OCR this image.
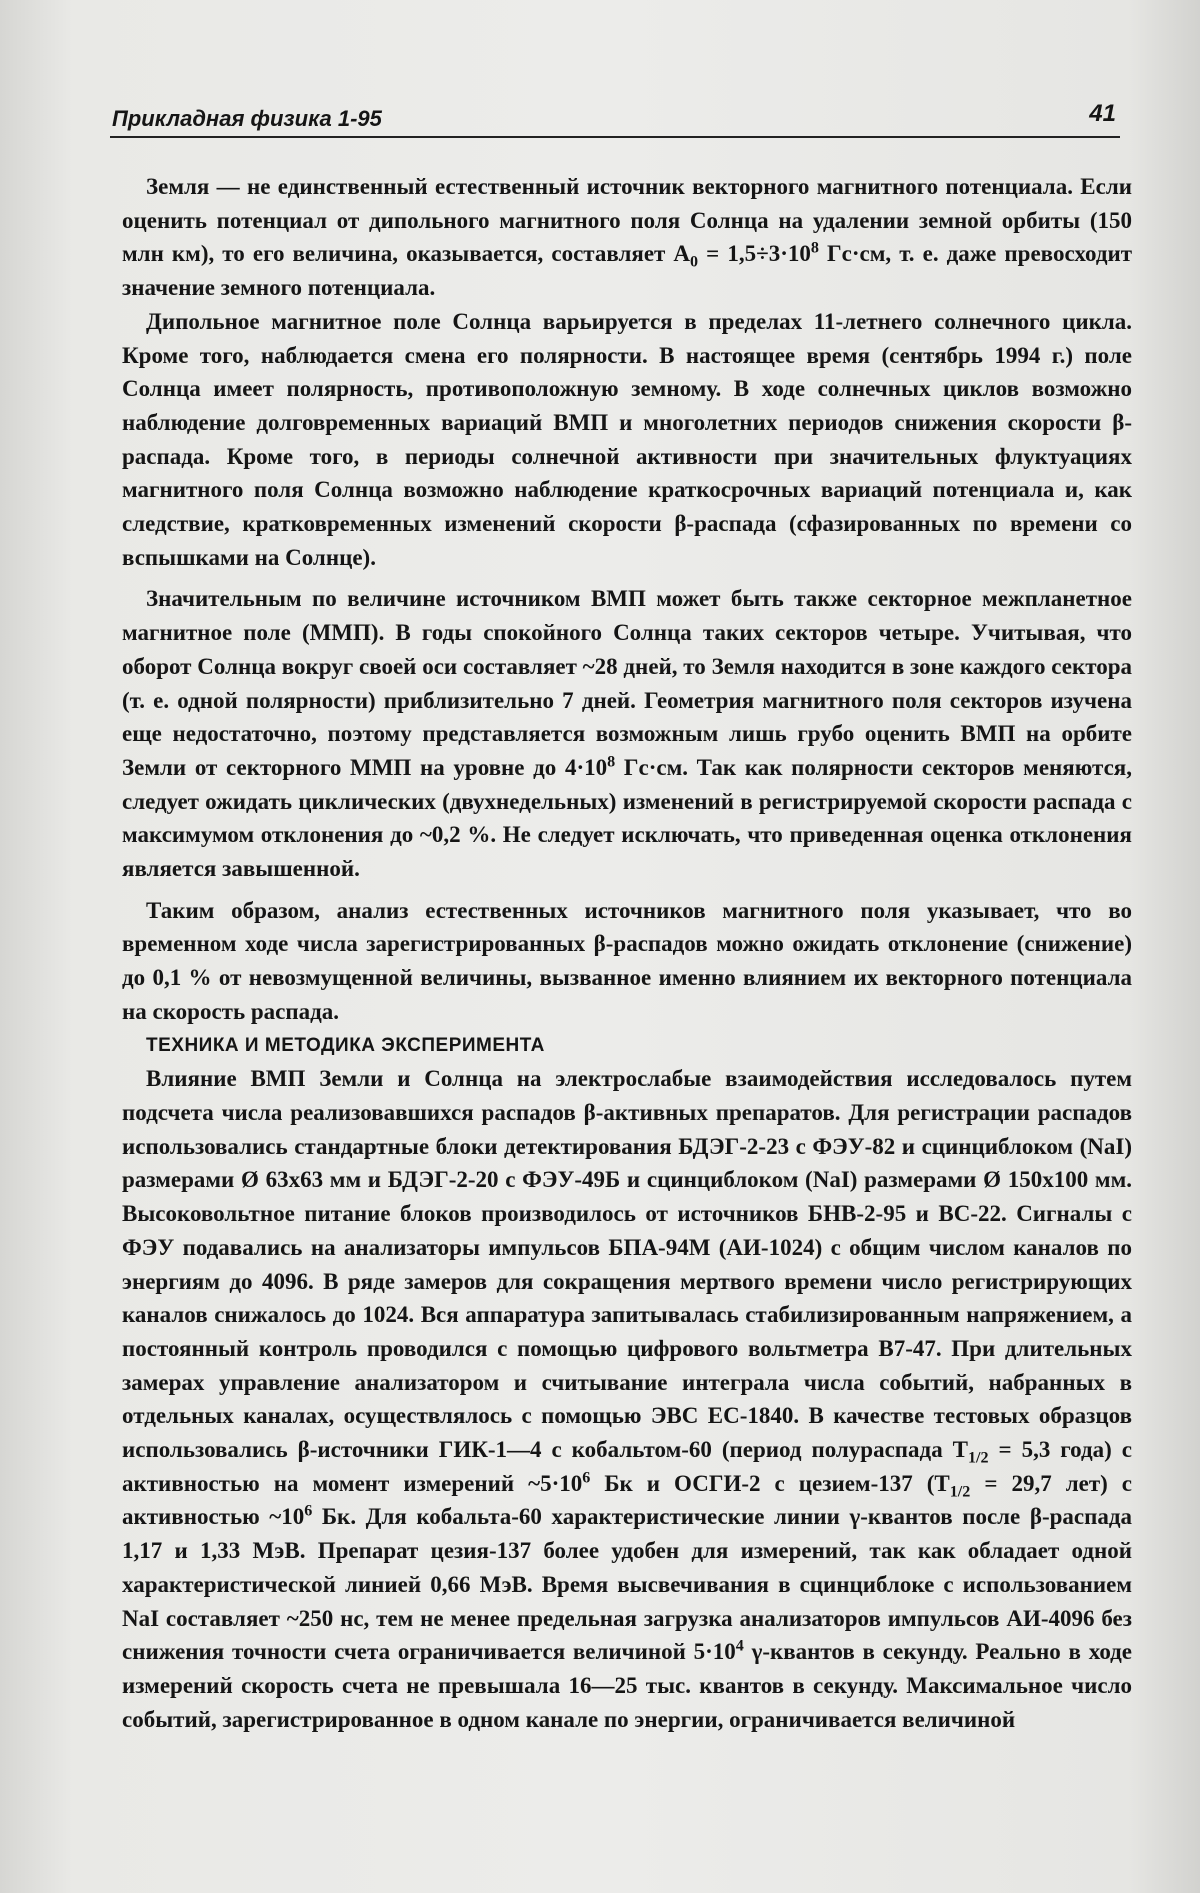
Прикладная физика 1-95	41

Земля — не единственный естественный источник векторного магнитного потенциала. Если оценить потенциал от дипольного магнитного поля Солнца на удалении земной орбиты (150 млн км), то его величина, оказывается, составляет $A_0 = 1,5\div 3\cdot 10^8$ Гс·см, т. е. даже превосходит значение земного потенциала.

Дипольное магнитное поле Солнца варьируется в пределах 11-летнего солнечного цикла. Кроме того, наблюдается смена его полярности. В настоящее время (сентябрь 1994 г.) поле Солнца имеет полярность, противоположную земному. В ходе солнечных циклов возможно наблюдение долговременных вариаций ВМП и многолетних периодов снижения скорости β-распада. Кроме того, в периоды солнечной активности при значительных флуктуациях магнитного поля Солнца возможно наблюдение краткосрочных вариаций потенциала и, как следствие, кратковременных изменений скорости β-распада (сфазированных по времени со вспышками на Солнце).

Значительным по величине источником ВМП может быть также секторное межпланетное магнитное поле (ММП). В годы спокойного Солнца таких секторов четыре. Учитывая, что оборот Солнца вокруг своей оси составляет ~28 дней, то Земля находится в зоне каждого сектора (т. е. одной полярности) приблизительно 7 дней. Геометрия магнитного поля секторов изучена еще недостаточно, поэтому представляется возможным лишь грубо оценить ВМП на орбите Земли от секторного ММП на уровне до $4\cdot 10^8$ Гс·см. Так как полярности секторов меняются, следует ожидать циклических (двухнедельных) изменений в регистрируемой скорости распада с максимумом отклонения до ~0,2 %. Не следует исключать, что приведенная оценка отклонения является завышенной.

Таким образом, анализ естественных источников магнитного поля указывает, что во временном ходе числа зарегистрированных β-распадов можно ожидать отклонение (снижение) до 0,1 % от невозмущенной величины, вызванное именно влиянием их векторного потенциала на скорость распада.

ТЕХНИКА И МЕТОДИКА ЭКСПЕРИМЕНТА

Влияние ВМП Земли и Солнца на электрослабые взаимодействия исследовалось путем подсчета числа реализовавшихся распадов β-активных препаратов. Для регистрации распадов использовались стандартные блоки детектирования БДЭГ-2-23 с ФЭУ-82 и сцинциблоком (NaI) размерами Ø 63х63 мм и БДЭГ-2-20 с ФЭУ-49Б и сцинциблоком (NaI) размерами Ø 150х100 мм. Высоковольтное питание блоков производилось от источников БНВ-2-95 и ВС-22. Сигналы с ФЭУ подавались на анализаторы импульсов БПА-94М (АИ-1024) с общим числом каналов по энергиям до 4096. В ряде замеров для сокращения мертвого времени число регистрирующих каналов снижалось до 1024. Вся аппаратура запитывалась стабилизированным напряжением, а постоянный контроль проводился с помощью цифрового вольтметра В7-47. При длительных замерах управление анализатором и считывание интеграла числа событий, набранных в отдельных каналах, осуществлялось с помощью ЭВС ЕС-1840. В качестве тестовых образцов использовались β-источники ГИК-1—4 с кобальтом-60 (период полураспада $T_{1/2} = 5,3$ года) с активностью на момент измерений $\sim 5\cdot 10^6$ Бк и ОСГИ-2 с цезием-137 ($T_{1/2} = 29,7$ лет) с активностью $\sim 10^6$ Бк. Для кобальта-60 характеристические линии γ-квантов после β-распада 1,17 и 1,33 МэВ. Препарат цезия-137 более удобен для измерений, так как обладает одной характеристической линией 0,66 МэВ. Время высвечивания в сцинциблоке с использованием NaI составляет ~250 нс, тем не менее предельная загрузка анализаторов импульсов АИ-4096 без снижения точности счета ограничивается величиной $5\cdot 10^4$ γ-квантов в секунду. Реально в ходе измерений скорость счета не превышала 16—25 тыс. квантов в секунду. Максимальное число событий, зарегистрированное в одном канале по энергии, ограничивается величиной
